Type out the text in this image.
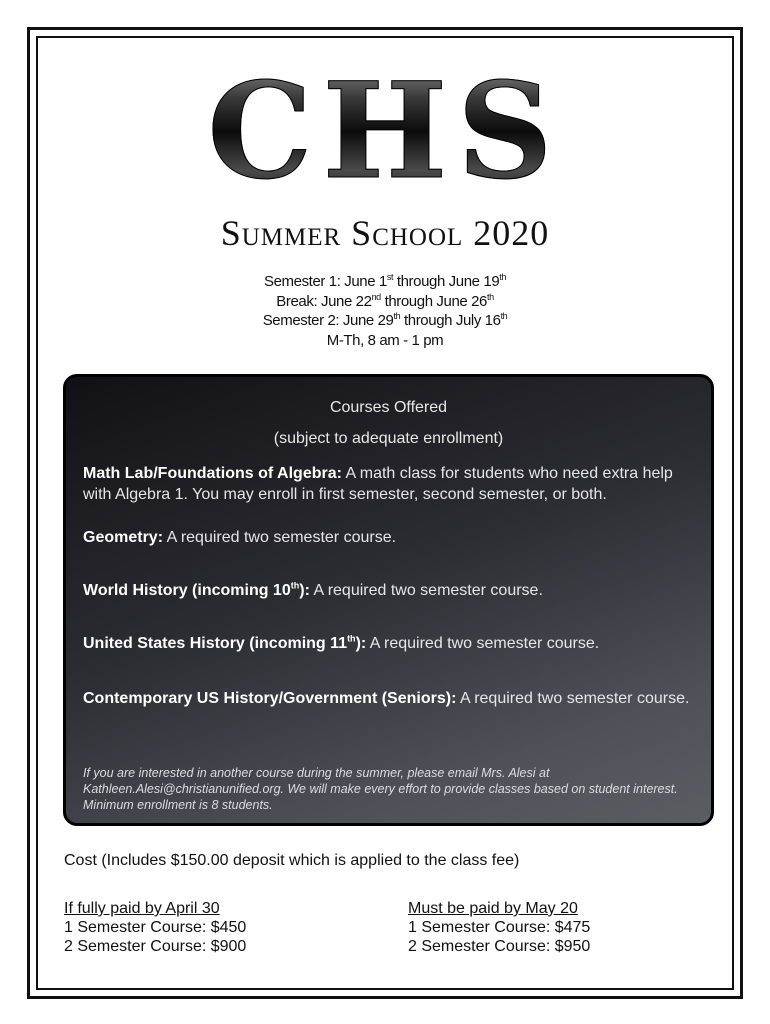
CHS
Summer School 2020
Semester 1: June 1st through June 19th
Break: June 22nd through June 26th
Semester 2: June 29th through July 16th
M-Th, 8 am - 1 pm
Courses Offered
(subject to adequate enrollment)
Math Lab/Foundations of Algebra: A math class for students who need extra help with Algebra 1. You may enroll in first semester, second semester, or both.
Geometry: A required two semester course.
World History (incoming 10th): A required two semester course.
United States History (incoming 11th): A required two semester course.
Contemporary US History/Government (Seniors): A required two semester course.
If you are interested in another course during the summer, please email Mrs. Alesi at Kathleen.Alesi@christianunified.org. We will make every effort to provide classes based on student interest. Minimum enrollment is 8 students.
Cost (Includes $150.00 deposit which is applied to the class fee)
If fully paid by April 30
1 Semester Course: $450
2 Semester Course: $900
Must be paid by May 20
1 Semester Course: $475
2 Semester Course: $950
